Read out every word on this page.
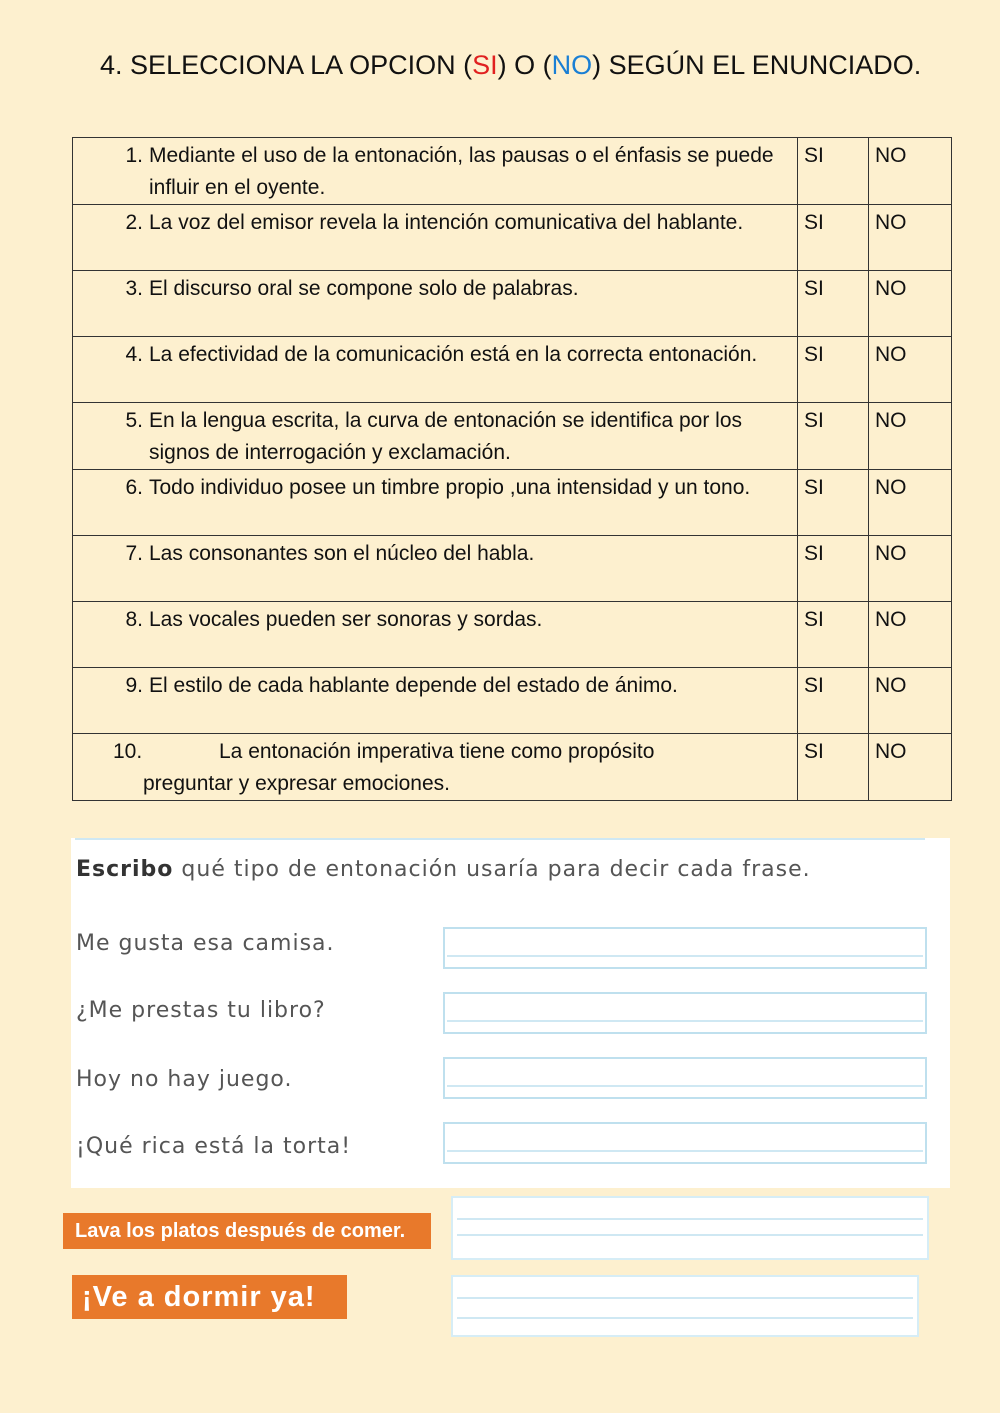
4. SELECCIONA LA OPCION (SI) O (NO) SEGÚN EL ENUNCIADO.
1. Mediante el uso de la entonación, las pausas o el énfasis se puede influir en el oyente.	SI	NO

2. La voz del emisor revela la intención comunicativa del hablante.	SI	NO

3. El discurso oral se compone solo de palabras.	SI	NO

4. La efectividad de la comunicación está en la correcta entonación.	SI	NO

5. En la lengua escrita, la curva de entonación se identifica por los signos de interrogación y exclamación.	SI	NO

6. Todo individuo posee un timbre propio ,una intensidad y un tono.	SI	NO

7. Las consonantes son el núcleo del habla.	SI	NO

8. Las vocales pueden ser sonoras y sordas.	SI	NO

9. El estilo de cada hablante depende del estado de ánimo.	SI	NO

10. La entonación imperativa tiene como propósito
preguntar y expresar emociones.	SI	NO
Escribo qué tipo de entonación usaría para decir cada frase.
Me gusta esa camisa.
¿Me prestas tu libro?
Hoy no hay juego.
¡Qué rica está la torta!
Lava los platos después de comer.
¡Ve a dormir ya!
